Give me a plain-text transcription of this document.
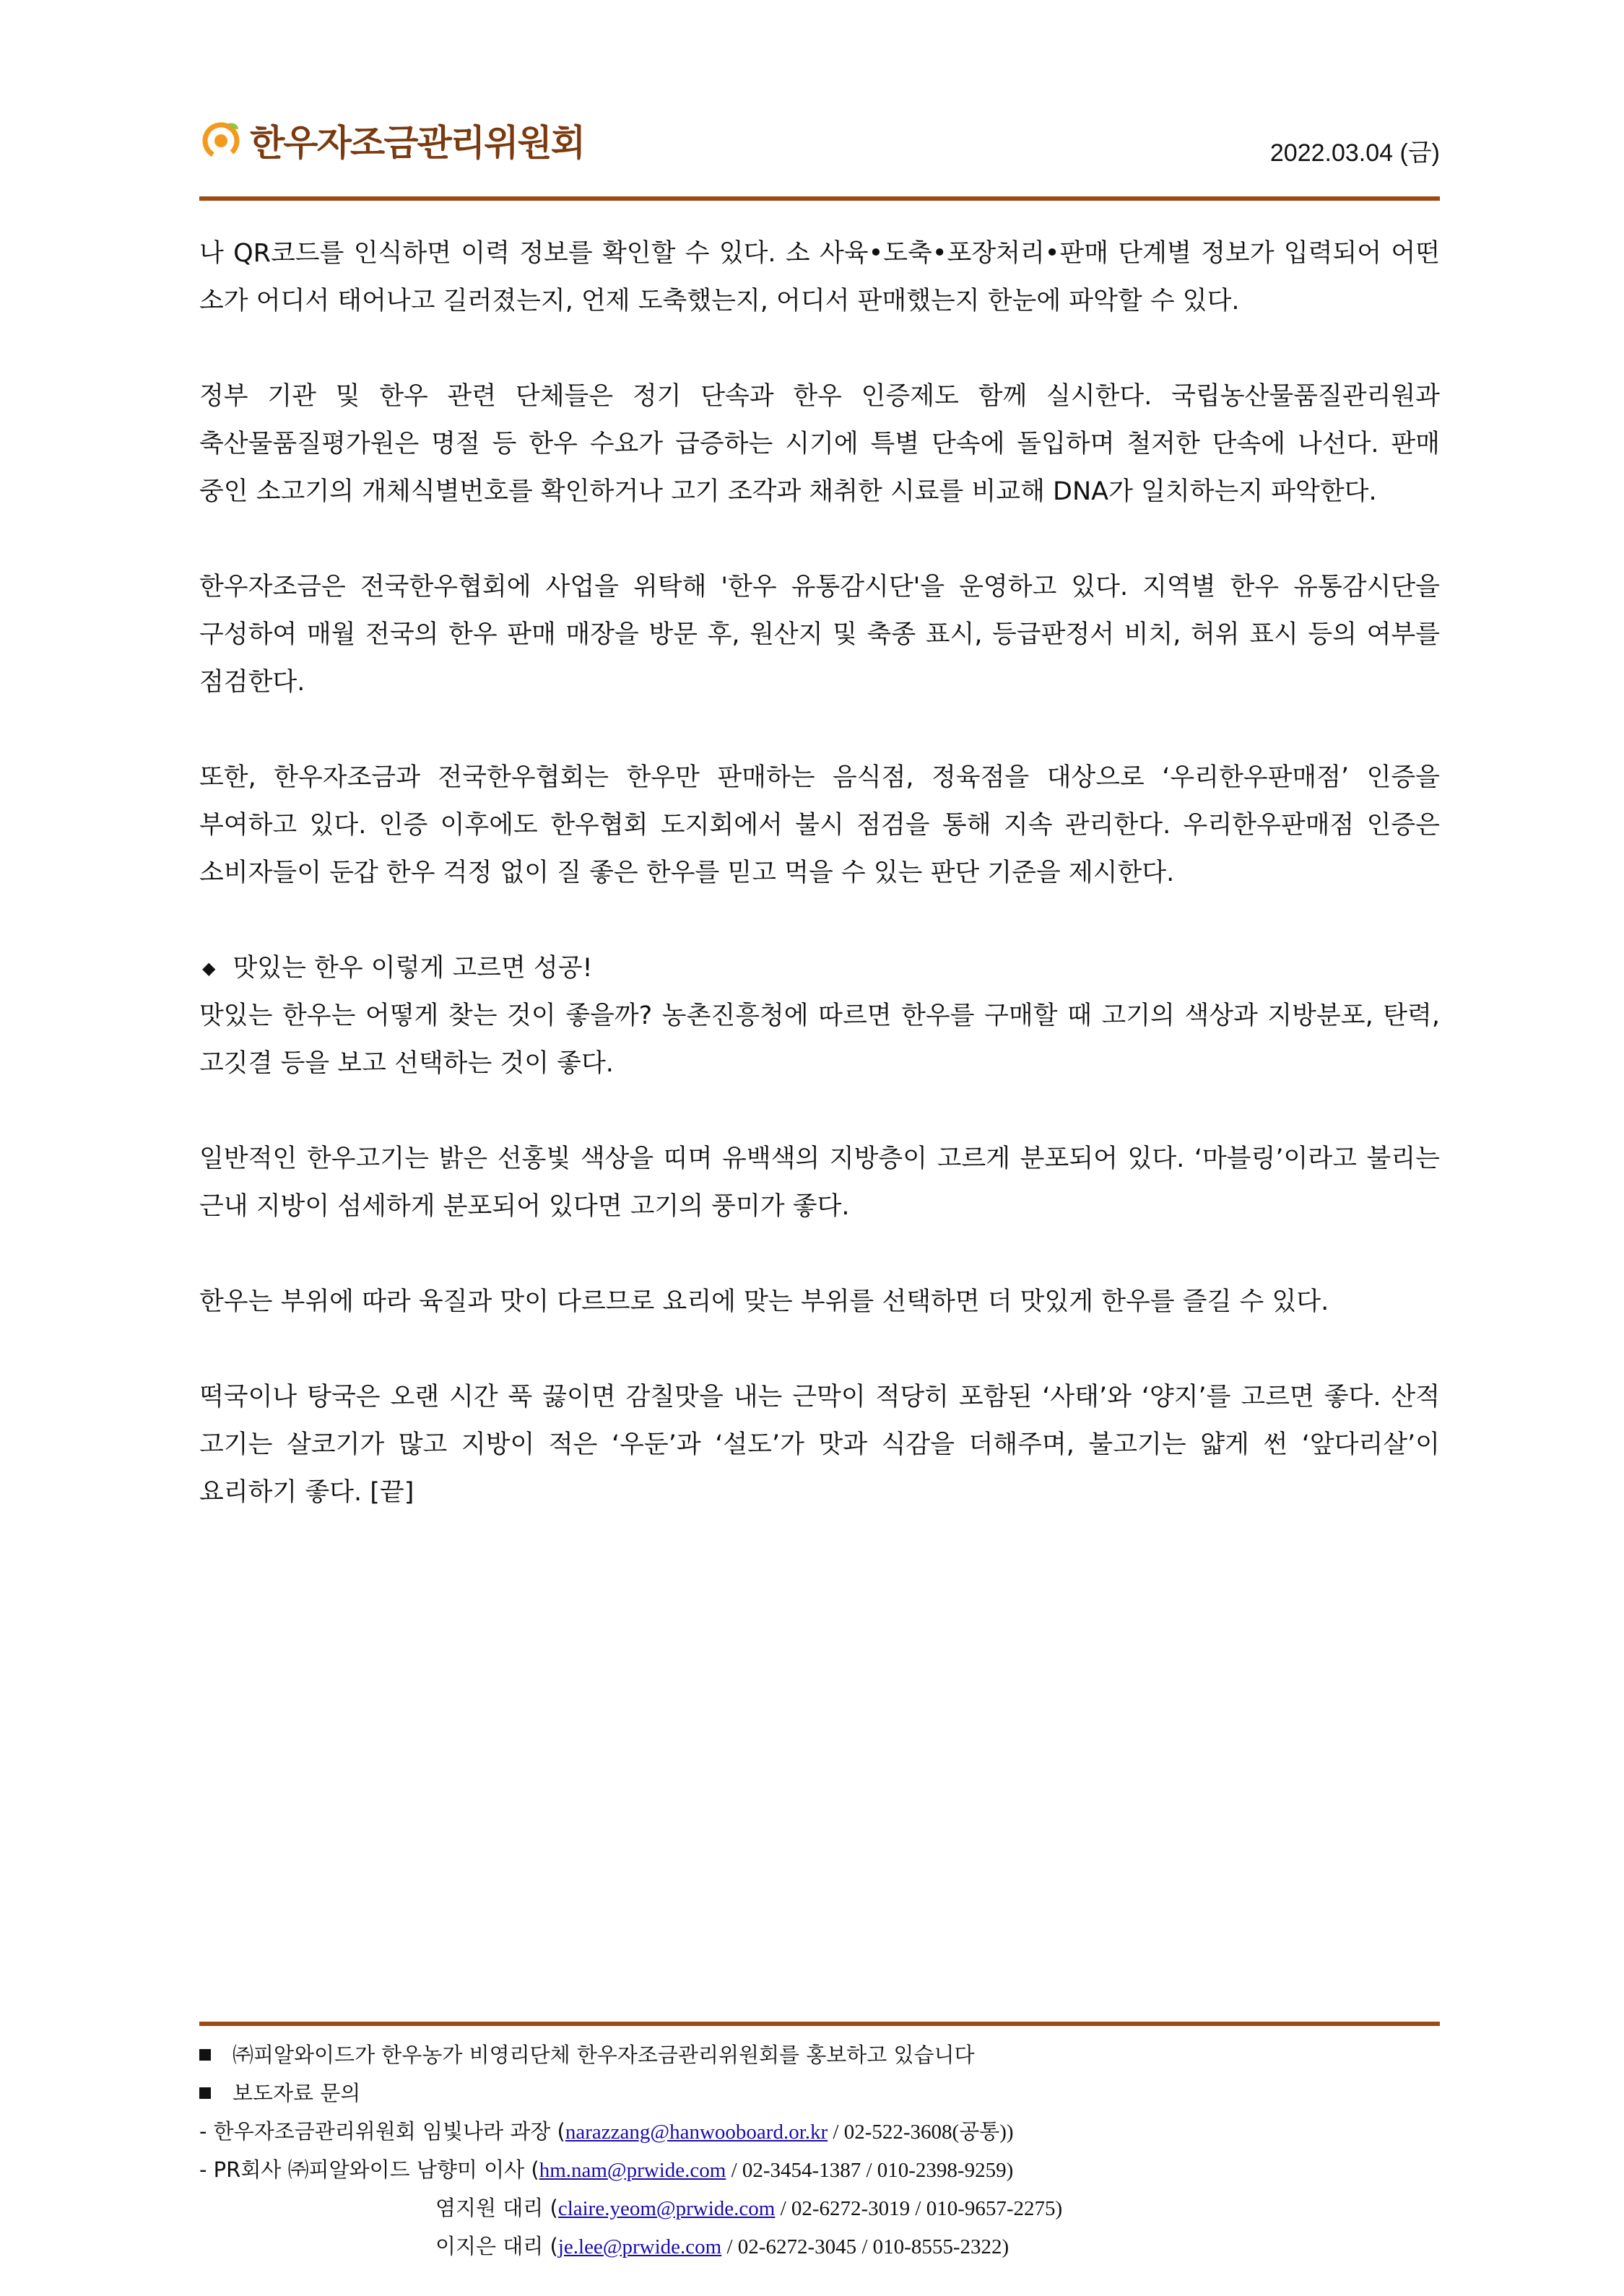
한우자조금관리위원회	2022.03.04 (금)

나 QR코드를 인식하면 이력 정보를 확인할 수 있다. 소 사육•도축•포장처리•판매 단계별 정보가 입력되어 어떤 소가 어디서 태어나고 길러졌는지, 언제 도축했는지, 어디서 판매했는지 한눈에 파악할 수 있다.

정부 기관 및 한우 관련 단체들은 정기 단속과 한우 인증제도 함께 실시한다. 국립농산물품질관리원과 축산물품질평가원은 명절 등 한우 수요가 급증하는 시기에 특별 단속에 돌입하며 철저한 단속에 나선다. 판매 중인 소고기의 개체식별번호를 확인하거나 고기 조각과 채취한 시료를 비교해 DNA가 일치하는지 파악한다.

한우자조금은 전국한우협회에 사업을 위탁해 '한우 유통감시단'을 운영하고 있다. 지역별 한우 유통감시단을 구성하여 매월 전국의 한우 판매 매장을 방문 후, 원산지 및 축종 표시, 등급판정서 비치, 허위 표시 등의 여부를 점검한다.

또한, 한우자조금과 전국한우협회는 한우만 판매하는 음식점, 정육점을 대상으로 ‘우리한우판매점’ 인증을 부여하고 있다. 인증 이후에도 한우협회 도지회에서 불시 점검을 통해 지속 관리한다. 우리한우판매점 인증은 소비자들이 둔갑 한우 걱정 없이 질 좋은 한우를 믿고 먹을 수 있는 판단 기준을 제시한다.

◆ 맛있는 한우 이렇게 고르면 성공!

맛있는 한우는 어떻게 찾는 것이 좋을까? 농촌진흥청에 따르면 한우를 구매할 때 고기의 색상과 지방분포, 탄력, 고깃결 등을 보고 선택하는 것이 좋다.

일반적인 한우고기는 밝은 선홍빛 색상을 띠며 유백색의 지방층이 고르게 분포되어 있다. ‘마블링’이라고 불리는 근내 지방이 섬세하게 분포되어 있다면 고기의 풍미가 좋다.

한우는 부위에 따라 육질과 맛이 다르므로 요리에 맞는 부위를 선택하면 더 맛있게 한우를 즐길 수 있다.

떡국이나 탕국은 오랜 시간 푹 끓이면 감칠맛을 내는 근막이 적당히 포함된 ‘사태’와 ‘양지’를 고르면 좋다. 산적 고기는 살코기가 많고 지방이 적은 ‘우둔’과 ‘설도’가 맛과 식감을 더해주며, 불고기는 얇게 썬 ‘앞다리살’이 요리하기 좋다. [끝]

㈜피알와이드가 한우농가 비영리단체 한우자조금관리위원회를 홍보하고 있습니다
보도자료 문의
- 한우자조금관리위원회 임빛나라 과장 (narazzang@hanwooboard.or.kr / 02-522-3608(공통))
- PR회사 ㈜피알와이드 남향미 이사 (hm.nam@prwide.com / 02-3454-1387 / 010-2398-9259)
염지원 대리 (claire.yeom@prwide.com / 02-6272-3019 / 010-9657-2275)
이지은 대리 (je.lee@prwide.com / 02-6272-3045 / 010-8555-2322)
